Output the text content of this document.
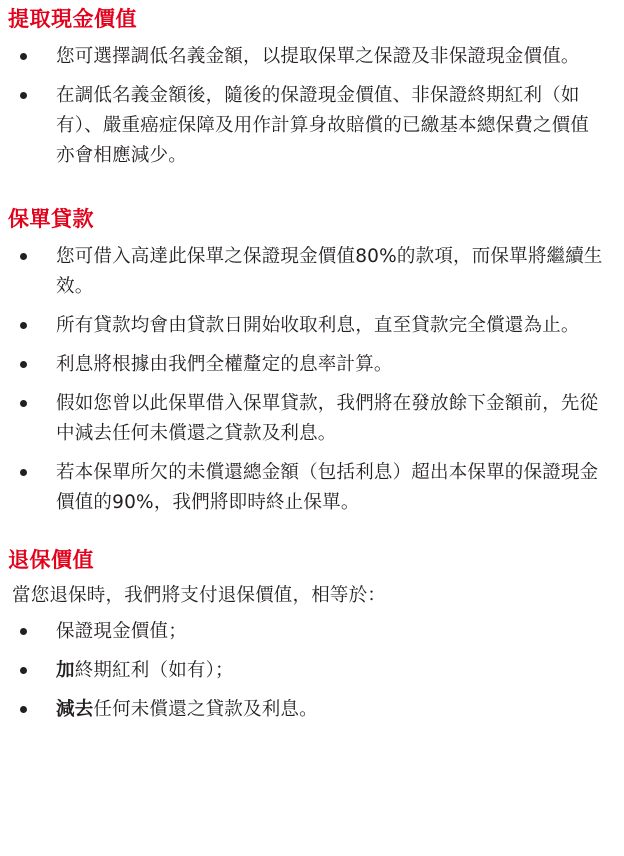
提取現金價值
您可選擇調低名義金額，以提取保單之保證及非保證現金價值。
在調低名義金額後，隨後的保證現金價值、非保證終期紅利（如有）、嚴重癌症保障及用作計算身故賠償的已繳基本總保費之價值亦會相應減少。
保單貸款
您可借入高達此保單之保證現金價值80%的款項，而保單將繼續生效。
所有貸款均會由貸款日開始收取利息，直至貸款完全償還為止。
利息將根據由我們全權釐定的息率計算。
假如您曾以此保單借入保單貸款，我們將在發放餘下金額前，先從中減去任何未償還之貸款及利息。
若本保單所欠的未償還總金額（包括利息）超出本保單的保證現金價值的90%，我們將即時終止保單。
退保價值

當您退保時，我們將支付退保價值，相等於：

保證現金價值；
加終期紅利（如有）；
減去任何未償還之貸款及利息。
